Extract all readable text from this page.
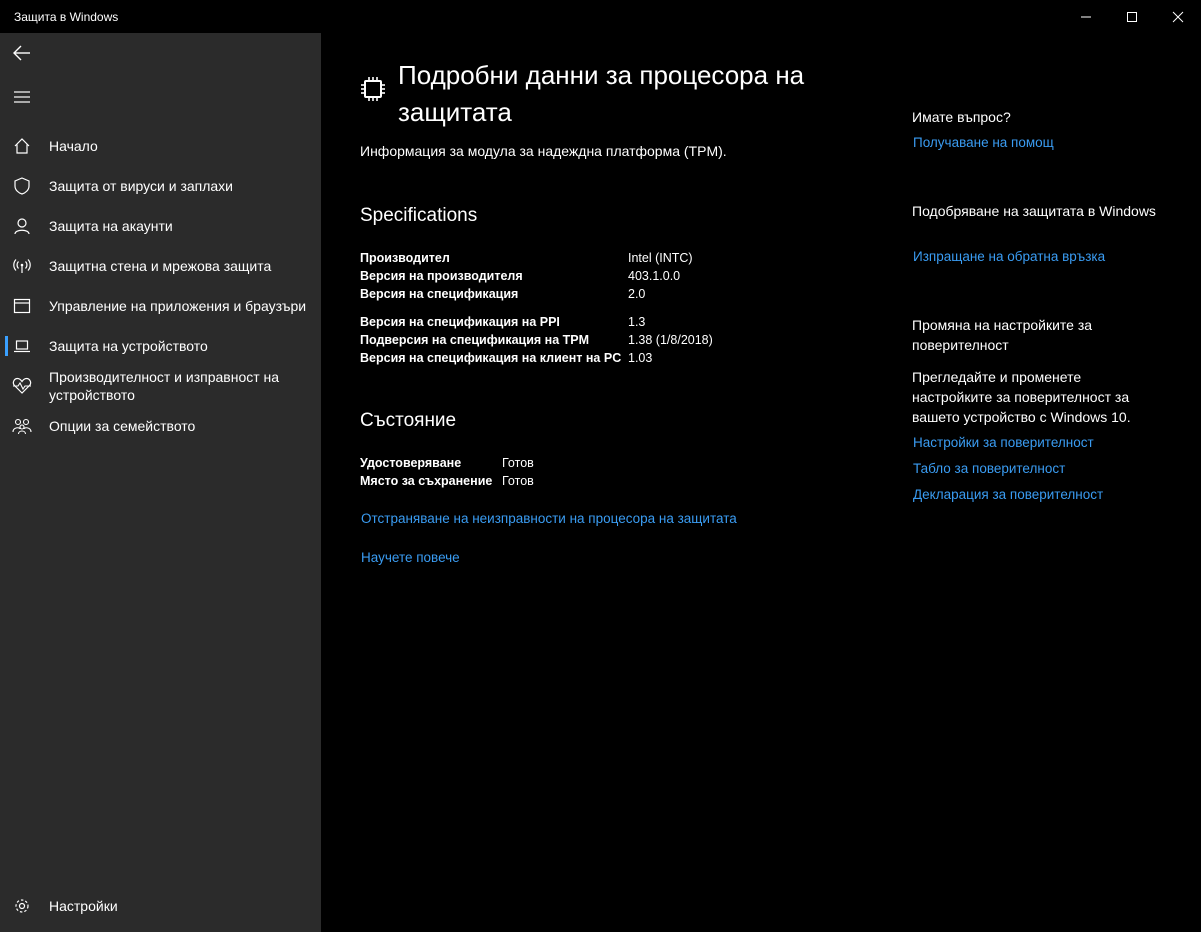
Защита в Windows
Начало
Защита от вируси и заплахи
Защита на акаунти
Защитна стена и мрежова защита
Управление на приложения и браузъри
Защита на устройството
Производителност и изправност на устройството
Опции за семейството
Настройки
Подробни данни за процесора на защитата
Информация за модула за надеждна платформа (TPM).
Specifications
Производител	Intel (INTC)
Версия на производителя	403.1.0.0
Версия на спецификация	2.0
Версия на спецификация на PPI	1.3
Подверсия на спецификация на TPM	1.38 (1/8/2018)
Версия на спецификация на клиент на PC 1.03
Състояние
Удостоверяване	Готов
Място за съхранение Готов
Отстраняване на неизправности на процесора на защитата
Научете повече
Имате въпрос?
Получаване на помощ
Подобряване на защитата в Windows
Изпращане на обратна връзка
Промяна на настройките за поверителност
Прегледайте и променете настройките за поверителност за вашето устройство с Windows 10.
Настройки за поверителност
Табло за поверителност
Декларация за поверителност
